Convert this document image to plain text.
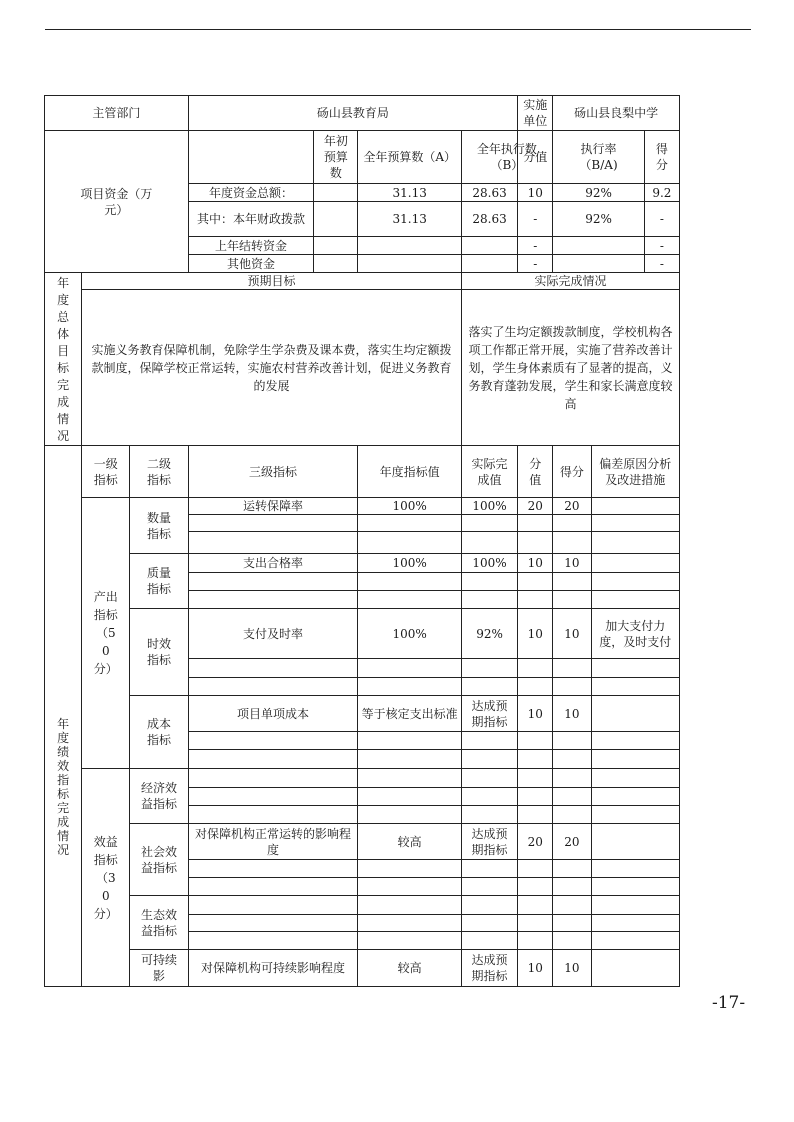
主管部门			砀山县教育局				实施单位	砀山县良梨中学		

项目资金（万元）				年初预算数	全年预算数（A）	全年执行数（B）	分值	执行率（B/A)		得分

			年度资金总额：		31.13	28.63	10	92%		9.2
			其中：本年财政拨款		31.13	28.63	-	92%		-
			上年结转资金				-			-
			其他资金				-			-

年度总体目标完成情况	预期目标					实际完成情况				
	实施义务教育保障机制，免除学生学杂费及课本费，落实生均定额拨款制度，保障学校正常运转，实施农村营养改善计划，促进义务教育的发展					落实了生均定额拨款制度，学校机构各项工作都正常开展，实施了营养改善计划，学生身体素质有了显著的提高，义务教育蓬勃发展，学生和家长满意度较高				

年度绩效指标完成情况	一级指标	二级指标	三级指标		年度指标值	实际完成值	分值	得分	偏差原因分析及改进措施	

	产出指标（50分）	数量指标	运转保障率		100%	100%	20	20		

		质量指标	支出合格率		100%	100%	10	10		

		时效指标	支付及时率		100%	92%	10	10	加大支付力度，及时支付	

		成本指标	项目单项成本		等于核定支出标准	达成预期指标	10	10		

	效益指标（30分）	经济效益指标								

		社会效益指标	对保障机构正常运转的影响程度		较高	达成预期指标	20	20		

		生态效益指标								

		可持续影	对保障机构可持续影响程度		较高	达成预期指标	10	10		
-17-
